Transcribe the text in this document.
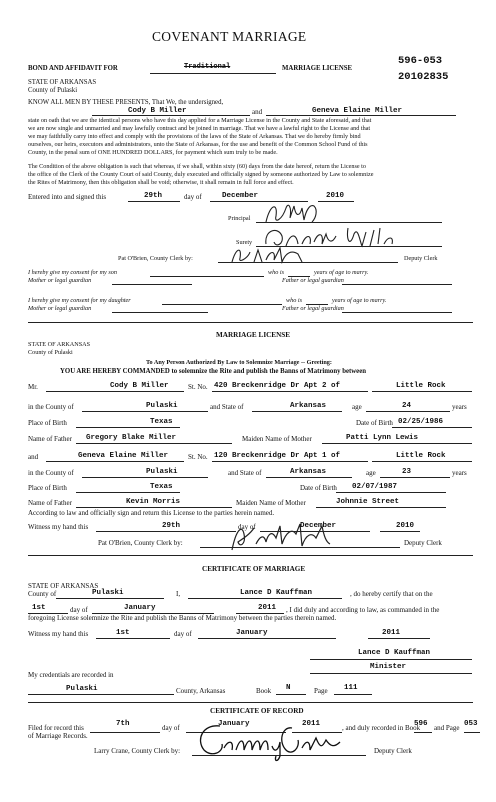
COVENANT MARRIAGE
596-053
20102835
BOND AND AFFIDAVIT FOR	Traditional	MARRIAGE LICENSE
STATE OF ARKANSAS
County of Pulaski
KNOW ALL MEN BY THESE PRESENTS, That We, the undersigned,
Cody B Miller	and	Geneva Elaine Miller
state on oath that we are the identical persons who have this day applied for a Marriage License in the County and State aforesaid, and that
we are now single and unmarried and may lawfully contract and be joined in marriage. That we have a lawful right to the License and that
we may faithfully carry into effect and comply with the provisions of the laws of the State of Arkansas. That we do hereby firmly bind
ourselves, our heirs, executors and administrators, unto the State of Arkansas, for the use and benefit of the Common School Fund of this
County, in the penal sum of ONE HUNDRED DOLLARS, for payment which sum truly to be made.
The Condition of the above obligation is such that whereas, if we shall, within sixty (60) days from the date hereof, return the License to
the office of the Clerk of the County Court of said County, duly executed and officially signed by someone authorized by Law to solemnize
the Rites of Matrimony, then this obligation shall be void; otherwise, it shall remain in full force and effect.
Entered into and signed this	29th	day of	December	2010
Principal
Surety
Pat O'Brien, County Clerk by:	Deputy Clerk
I hereby give my consent for my son	who is	years of age to marry.
Mother or legal guardian	Father or legal guardian
I hereby give my consent for my daughter	who is	years of age to marry.
Mother or legal guardian	Father or legal guardian
MARRIAGE LICENSE
STATE OF ARKANSAS
County of Pulaski
To Any Person Authorized By Law to Solemnize Marriage -- Greeting:
YOU ARE HEREBY COMMANDED to solemnize the Rite and publish the Banns of Matrimony between
Mr.	Cody B Miller	St. No. 420 Breckenridge Dr Apt 2 of	Little Rock
in the County of	Pulaski	and State of	Arkansas	age	24	years
Place of Birth	Texas	Date of Birth 02/25/1986
Name of Father Gregory Blake Miller	Maiden Name of Mother	Patti Lynn Lewis
and	Geneva Elaine Miller	St. No. 120 Breckenridge Dr Apt 1 of	Little Rock
in the County of	Pulaski	and State of	Arkansas	age	23	years
Place of Birth	Texas	Date of Birth 02/07/1987
Name of Father	Kevin Morris	Maiden Name of Mother	Johnnie Street
According to law and officially sign and return this License to the parties herein named.
Witness my hand this	29th	day of	December	2010
Pat O'Brien, County Clerk by:	Deputy Clerk
CERTIFICATE OF MARRIAGE
STATE OF ARKANSAS
County of	Pulaski	I,	Lance D Kauffman	, do hereby certify that on the
1st	day of	January	2011 , I did duly and according to law, as commanded in the
foregoing License solemnize the Rite and publish the Banns of Matrimony between the parties therein named.
Witness my hand this	1st	day of	January	2011
Lance D Kauffman
Minister
My credentials are recorded in
Pulaski	County, Arkansas	Book N	Page 111
CERTIFICATE OF RECORD
Filed for record this	7th	day of	January	2011	, and duly recorded in Book
596 and Page 053
of Marriage Records.
Larry Crane, County Clerk by:	Deputy Clerk
